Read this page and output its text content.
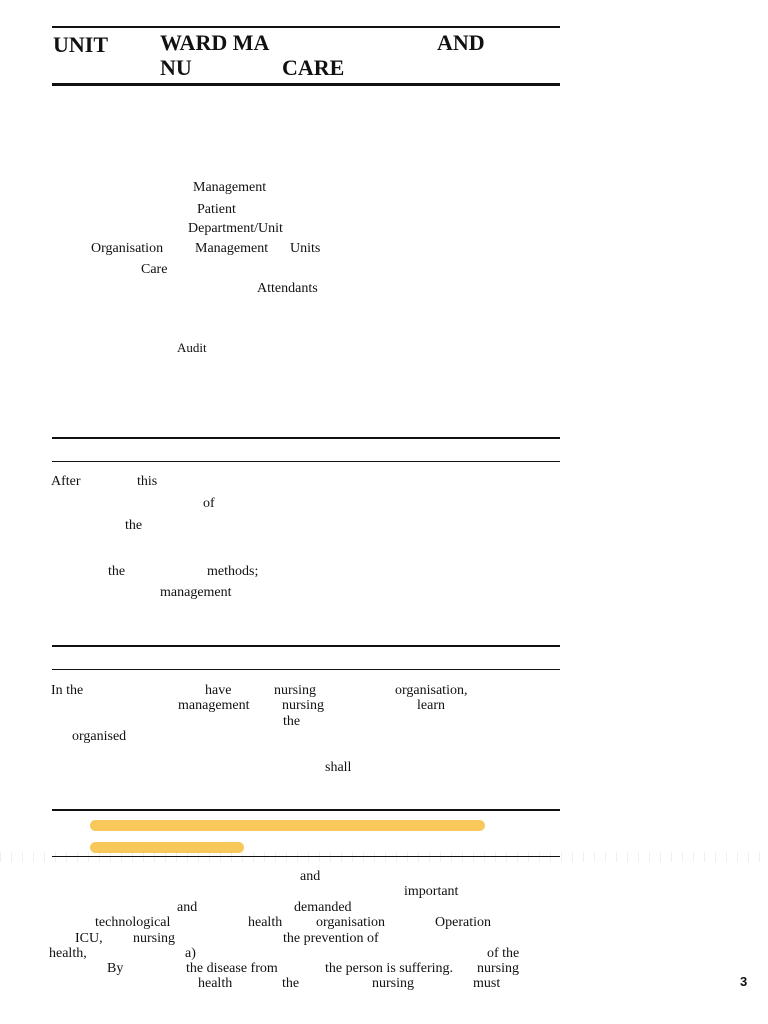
UNIT WARD MA	AND
NU	CARE
Management
Patient
Department/Unit
Organisation Management Units
Care
Attendants
Audit
After	this
of
the
the	methods;
management
In the	have	nursing	organisation,
management nursing	learn
the
organised
shall
and
important
and	demanded
technological	health organisation	Operation
ICU, nursing	the prevention of
health,	a)	of the
By	the disease from	the person is suffering. nursing
health	the	nursing	must	3
